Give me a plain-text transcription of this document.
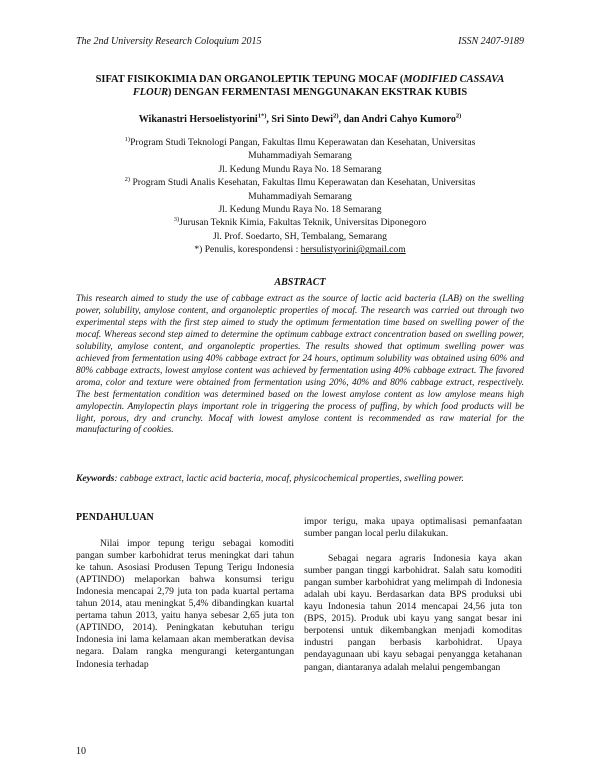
The 2nd University Research Coloquium 2015	ISSN 2407-9189
SIFAT FISIKOKIMIA DAN ORGANOLEPTIK TEPUNG MOCAF (MODIFIED CASSAVA FLOUR) DENGAN FERMENTASI MENGGUNAKAN EKSTRAK KUBIS
Wikanastri Hersoelistyorini$^{1*)}$, Sri Sinto Dewi$^{2)}$, dan Andri Cahyo Kumoro$^{2)}$
$^{1)}$Program Studi Teknologi Pangan, Fakultas Ilmu Keperawatan dan Kesehatan, Universitas
Muhammadiyah Semarang
Jl. Kedung Mundu Raya No. 18 Semarang
$^{2)}$ Program Studi Analis Kesehatan, Fakultas Ilmu Keperawatan dan Kesehatan, Universitas
Muhammadiyah Semarang
Jl. Kedung Mundu Raya No. 18 Semarang
$^{3)}$Jurusan Teknik Kimia, Fakultas Teknik, Universitas Diponegoro
Jl. Prof. Soedarto, SH, Tembalang, Semarang
*) Penulis, korespondensi : hersulistyorini@gmail.com
ABSTRACT
This research aimed to study the use of cabbage extract as the source of lactic acid bacteria (LAB) on the swelling power, solubility, amylose content, and organoleptic properties of mocaf. The research was carried out through two experimental steps with the first step aimed to study the optimum fermentation time based on swelling power of the mocaf. Whereas second step aimed to determine the optimum cabbage extract concentration based on swelling power, solubility, amylose content, and organoleptic properties. The results showed that optimum swelling power was achieved from fermentation using 40% cabbage extract for 24 hours, optimum solubility was obtained using 60% and 80% cabbage extracts, lowest amylose content was achieved by fermentation using 40% cabbage extract. The favored aroma, color and texture were obtained from fermentation using 20%, 40% and 80% cabbage extract, respectively. The best fermentation condition was determined based on the lowest amylose content as low amylose means high amylopectin. Amylopectin plays important role in triggering the process of puffing, by which food products will be light, porous, dry and crunchy. Mocaf with lowest amylose content is recommended as raw material for the manufacturing of cookies.
Keywords: cabbage extract, lactic acid bacteria, mocaf, physicochemical properties, swelling power.
PENDAHULUAN

Nilai impor tepung terigu sebagai komoditi pangan sumber karbohidrat terus meningkat dari tahun ke tahun. Asosiasi Produsen Tepung Terigu Indonesia (APTINDO) melaporkan bahwa konsumsi terigu Indonesia mencapai 2,79 juta ton pada kuartal pertama tahun 2014, atau meningkat 5,4% dibandingkan kuartal pertama tahun 2013, yaitu hanya sebesar 2,65 juta ton (APTINDO, 2014). Peningkatan kebutuhan terigu Indonesia ini lama kelamaan akan memberatkan devisa negara. Dalam rangka mengurangi ketergantungan Indonesia terhadap

impor terigu, maka upaya optimalisasi pemanfaatan sumber pangan local perlu dilakukan.

Sebagai negara agraris Indonesia kaya akan sumber pangan tinggi karbohidrat. Salah satu komoditi pangan sumber karbohidrat yang melimpah di Indonesia adalah ubi kayu. Berdasarkan data BPS produksi ubi kayu Indonesia tahun 2014 mencapai 24,56 juta ton (BPS, 2015). Produk ubi kayu yang sangat besar ini berpotensi untuk dikembangkan menjadi komoditas industri pangan berbasis karbohidrat. Upaya pendayagunaan ubi kayu sebagai penyangga ketahanan pangan, diantaranya adalah melalui pengembangan

10
